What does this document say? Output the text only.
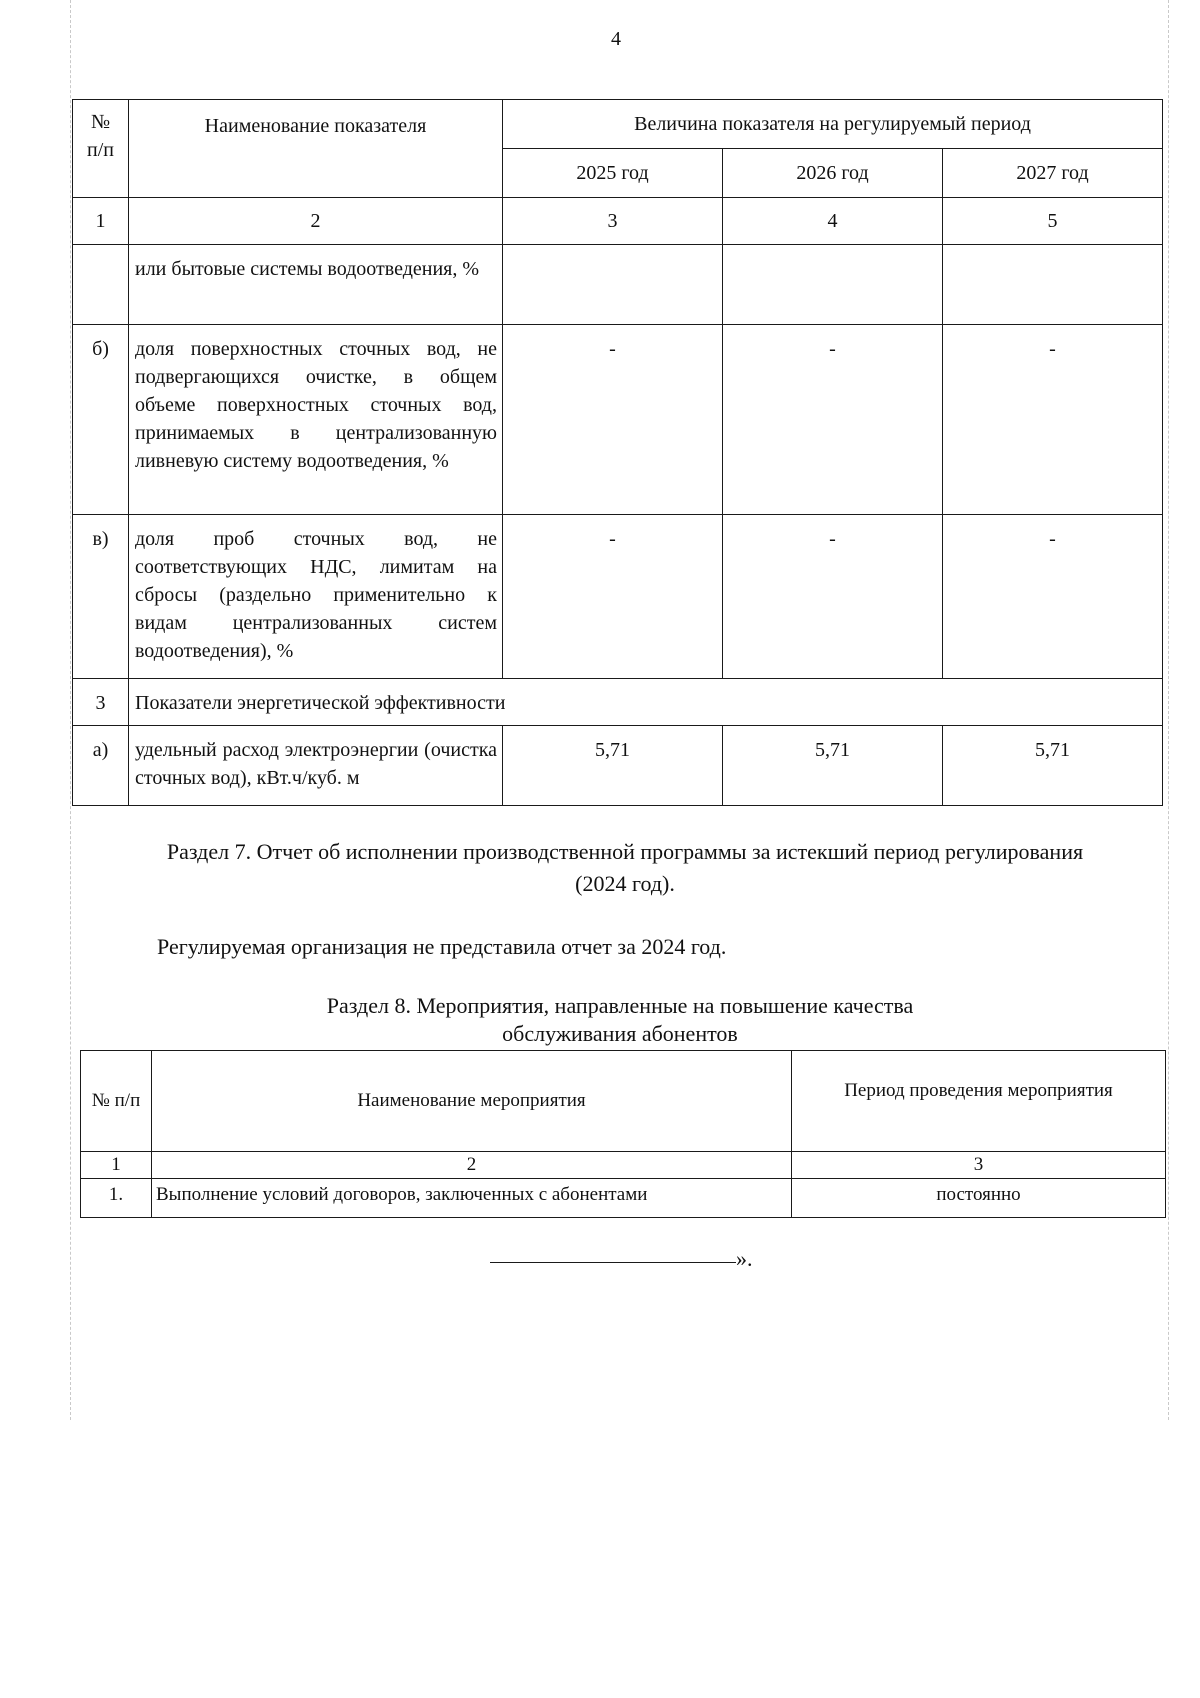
4
№
п/п	Наименование показателя	Величина показателя на регулируемый период		
		2025 год	2026 год	2027 год
1	2	3	4	5
	или бытовые системы водоотведения, %			
б)	доля поверхностных сточных вод, не подвергающихся очистке, в общем объеме поверхностных сточных вод, принимаемых в централизованную ливневую систему водоотведения, %	-	-	-
в)	доля проб сточных вод, не соответствующих НДС, лимитам на сбросы (раздельно применительно к видам централизованных систем водоотведения), %	-	-	-
3	Показатели энергетической эффективности			
а)	удельный расход электроэнергии (очистка сточных вод), кВт.ч/куб. м	5,71	5,71	5,71
Раздел 7. Отчет об исполнении производственной программы за истекший период регулирования
(2024 год).
Регулируемая организация не представила отчет за 2024 год.
Раздел 8. Мероприятия, направленные на повышение качества
обслуживания абонентов
№ п/п	Наименование мероприятия	Период проведения мероприятия
1	2	3
1.	Выполнение условий договоров, заключенных с абонентами	постоянно
».
